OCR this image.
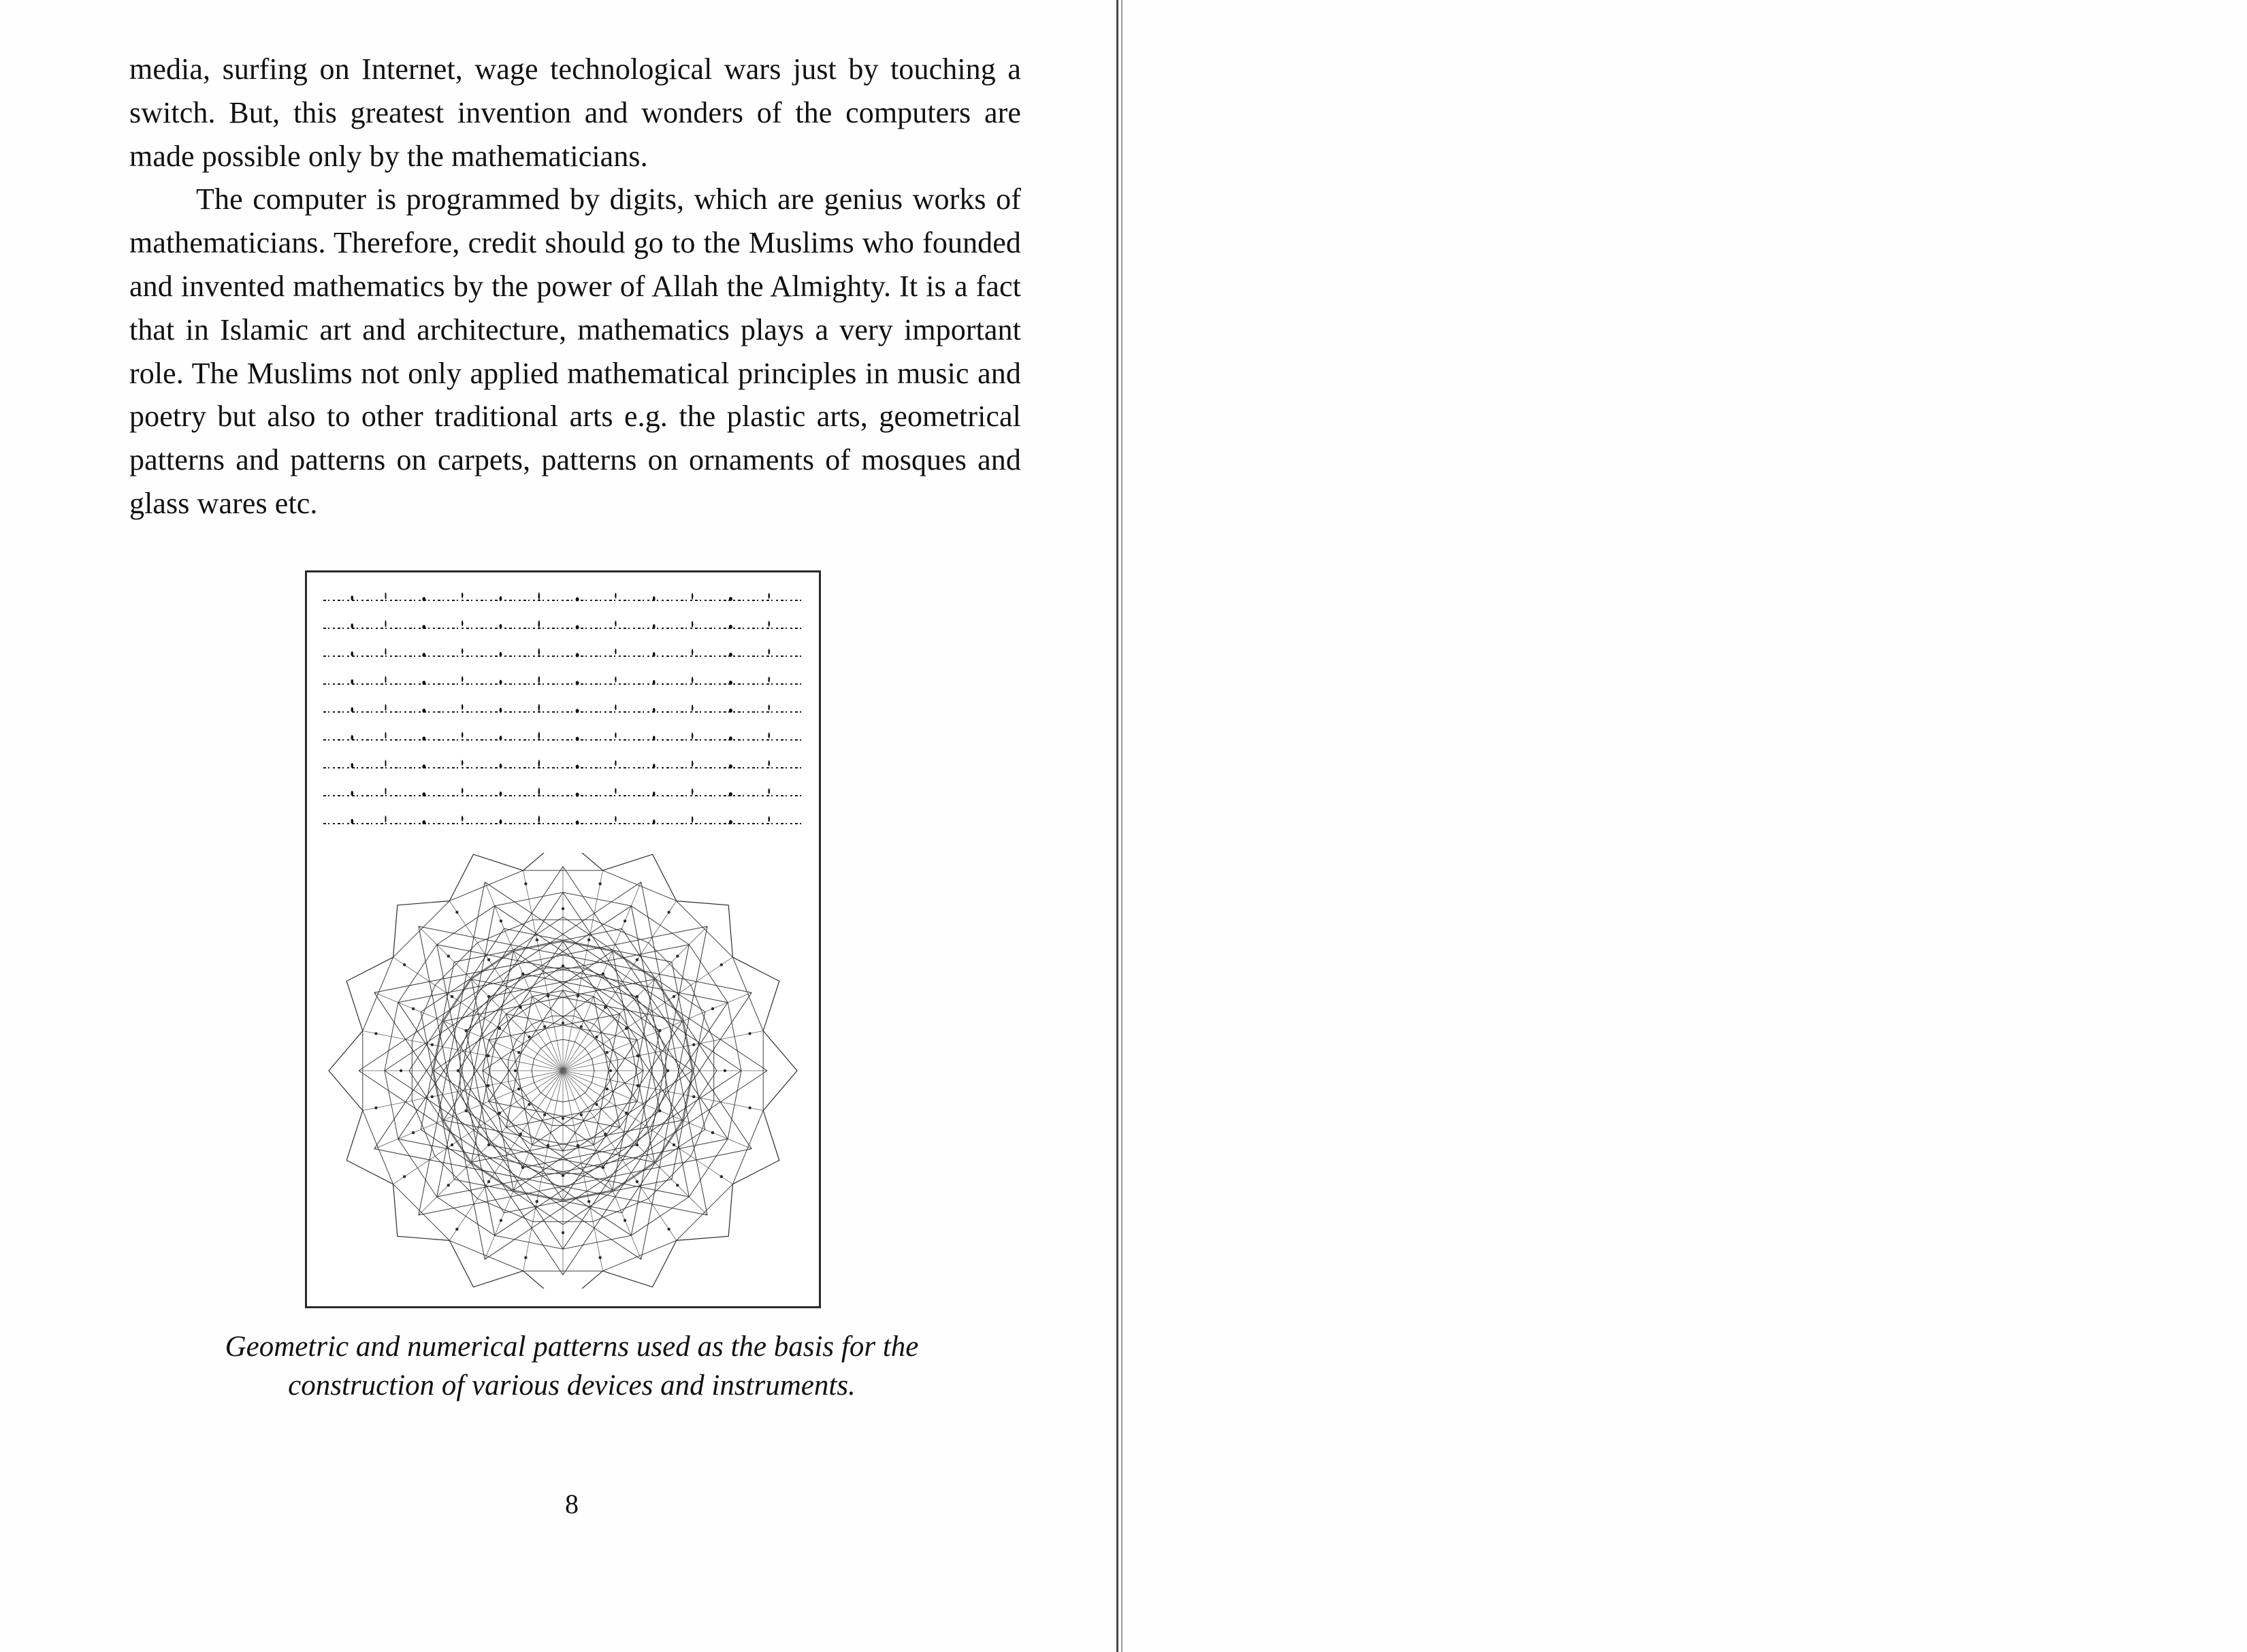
media, surfing on Internet, wage technological wars just by touching a switch. But, this greatest invention and wonders of the computers are made possible only by the mathematicians.

The computer is programmed by digits, which are genius works of mathematicians. Therefore, credit should go to the Muslims who founded and invented mathematics by the power of Allah the Almighty. It is a fact that in Islamic art and architecture, mathematics plays a very important role. The Muslims not only applied mathematical principles in music and poetry but also to other traditional arts e.g. the plastic arts, geometrical patterns and patterns on carpets, patterns on ornaments of mosques and glass wares etc.

Geometric and numerical patterns used as the basis for the construction of various devices and instruments.
8
